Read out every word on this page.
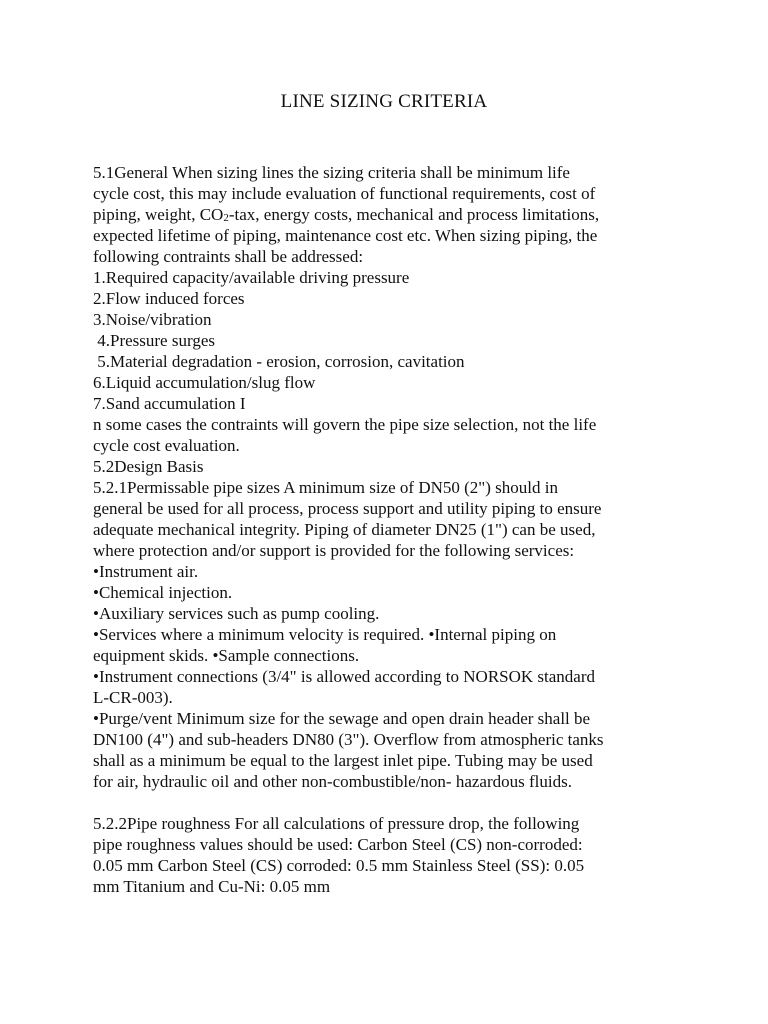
LINE SIZING CRITERIA
5.1General When sizing lines the sizing criteria shall be minimum life
cycle cost, this may include evaluation of functional requirements, cost of
piping, weight, $CO_2$-tax, energy costs, mechanical and process limitations,
expected lifetime of piping, maintenance cost etc. When sizing piping, the
following contraints shall be addressed:
1.Required capacity/available driving pressure
2.Flow induced forces
3.Noise/vibration
4.Pressure surges
5.Material degradation - erosion, corrosion, cavitation
6.Liquid accumulation/slug flow
7.Sand accumulation I
n some cases the contraints will govern the pipe size selection, not the life
cycle cost evaluation.
5.2Design Basis
5.2.1Permissable pipe sizes A minimum size of DN50 (2") should in
general be used for all process, process support and utility piping to ensure
adequate mechanical integrity. Piping of diameter DN25 (1") can be used,
where protection and/or support is provided for the following services:
•Instrument air.
•Chemical injection.
•Auxiliary services such as pump cooling.
•Services where a minimum velocity is required. •Internal piping on
equipment skids. •Sample connections.
•Instrument connections (3/4" is allowed according to NORSOK standard
L-CR-003).
•Purge/vent Minimum size for the sewage and open drain header shall be
DN100 (4") and sub-headers DN80 (3"). Overflow from atmospheric tanks
shall as a minimum be equal to the largest inlet pipe. Tubing may be used
for air, hydraulic oil and other non-combustible/non- hazardous fluids.
5.2.2Pipe roughness For all calculations of pressure drop, the following
pipe roughness values should be used: Carbon Steel (CS) non-corroded:
0.05 mm Carbon Steel (CS) corroded: 0.5 mm Stainless Steel (SS): 0.05
mm Titanium and Cu-Ni: 0.05 mm
